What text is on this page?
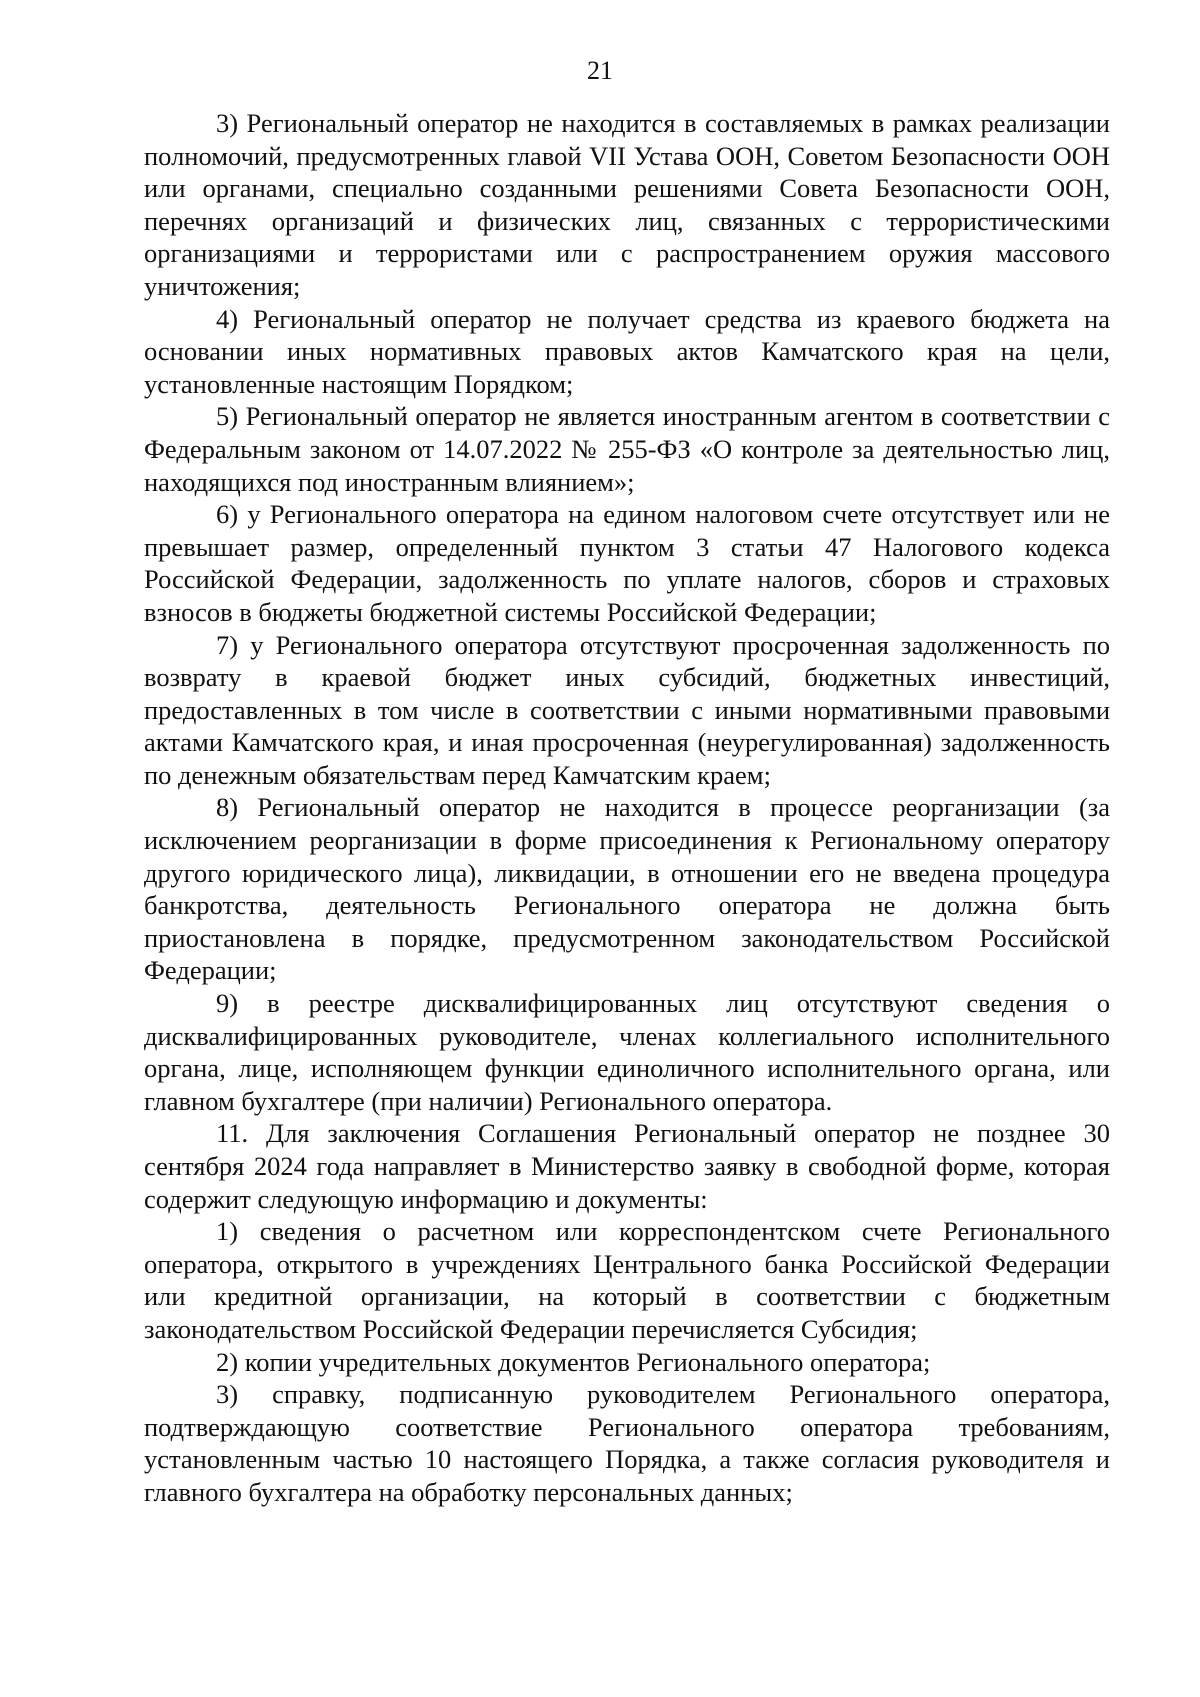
21

3) Региональный оператор не находится в составляемых в рамках реализации полномочий, предусмотренных главой VII Устава ООН, Советом Безопасности ООН или органами, специально созданными решениями Совета Безопасности ООН, перечнях организаций и физических лиц, связанных с террористическими организациями и террористами или с распространением оружия массового уничтожения;

4) Региональный оператор не получает средства из краевого бюджета на основании иных нормативных правовых актов Камчатского края на цели, установленные настоящим Порядком;

5) Региональный оператор не является иностранным агентом в соответствии с Федеральным законом от 14.07.2022 № 255-ФЗ «О контроле за деятельностью лиц, находящихся под иностранным влиянием»;

6) у Регионального оператора на едином налоговом счете отсутствует или не превышает размер, определенный пунктом 3 статьи 47 Налогового кодекса Российской Федерации, задолженность по уплате налогов, сборов и страховых взносов в бюджеты бюджетной системы Российской Федерации;

7) у Регионального оператора отсутствуют просроченная задолженность по возврату в краевой бюджет иных субсидий, бюджетных инвестиций, предоставленных в том числе в соответствии с иными нормативными правовыми актами Камчатского края, и иная просроченная (неурегулированная) задолженность по денежным обязательствам перед Камчатским краем;

8) Региональный оператор не находится в процессе реорганизации (за исключением реорганизации в форме присоединения к Региональному оператору другого юридического лица), ликвидации, в отношении его не введена процедура банкротства, деятельность Регионального оператора не должна быть приостановлена в порядке, предусмотренном законодательством Российской Федерации;

9) в реестре дисквалифицированных лиц отсутствуют сведения о дисквалифицированных руководителе, членах коллегиального исполнительного органа, лице, исполняющем функции единоличного исполнительного органа, или главном бухгалтере (при наличии) Регионального оператора.

11. Для заключения Соглашения Региональный оператор не позднее 30 сентября 2024 года направляет в Министерство заявку в свободной форме, которая содержит следующую информацию и документы:

1) сведения о расчетном или корреспондентском счете Регионального оператора, открытого в учреждениях Центрального банка Российской Федерации или кредитной организации, на который в соответствии с бюджетным законодательством Российской Федерации перечисляется Субсидия;

2) копии учредительных документов Регионального оператора;

3) справку, подписанную руководителем Регионального оператора, подтверждающую соответствие Регионального оператора требованиям, установленным частью 10 настоящего Порядка, а также согласия руководителя и главного бухгалтера на обработку персональных данных;
